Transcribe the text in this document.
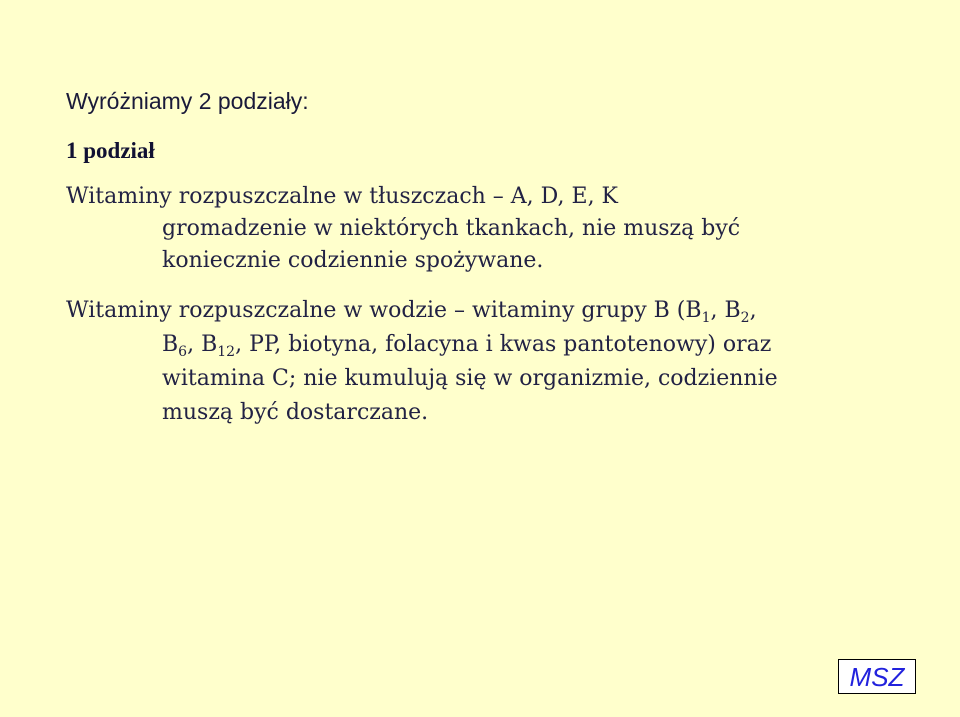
Wyróżniamy 2 podziały:
1 podział
Witaminy rozpuszczalne w tłuszczach – A, D, E, K
gromadzenie w niektórych tkankach, nie muszą być
koniecznie codziennie spożywane.
Witaminy rozpuszczalne w wodzie – witaminy grupy B ($B_1$, $B_2$,
$B_6$, $B_{12}$, PP, biotyna, folacyna i kwas pantotenowy) oraz
witamina C; nie kumulują się w organizmie, codziennie
muszą być dostarczane.
MSZ
